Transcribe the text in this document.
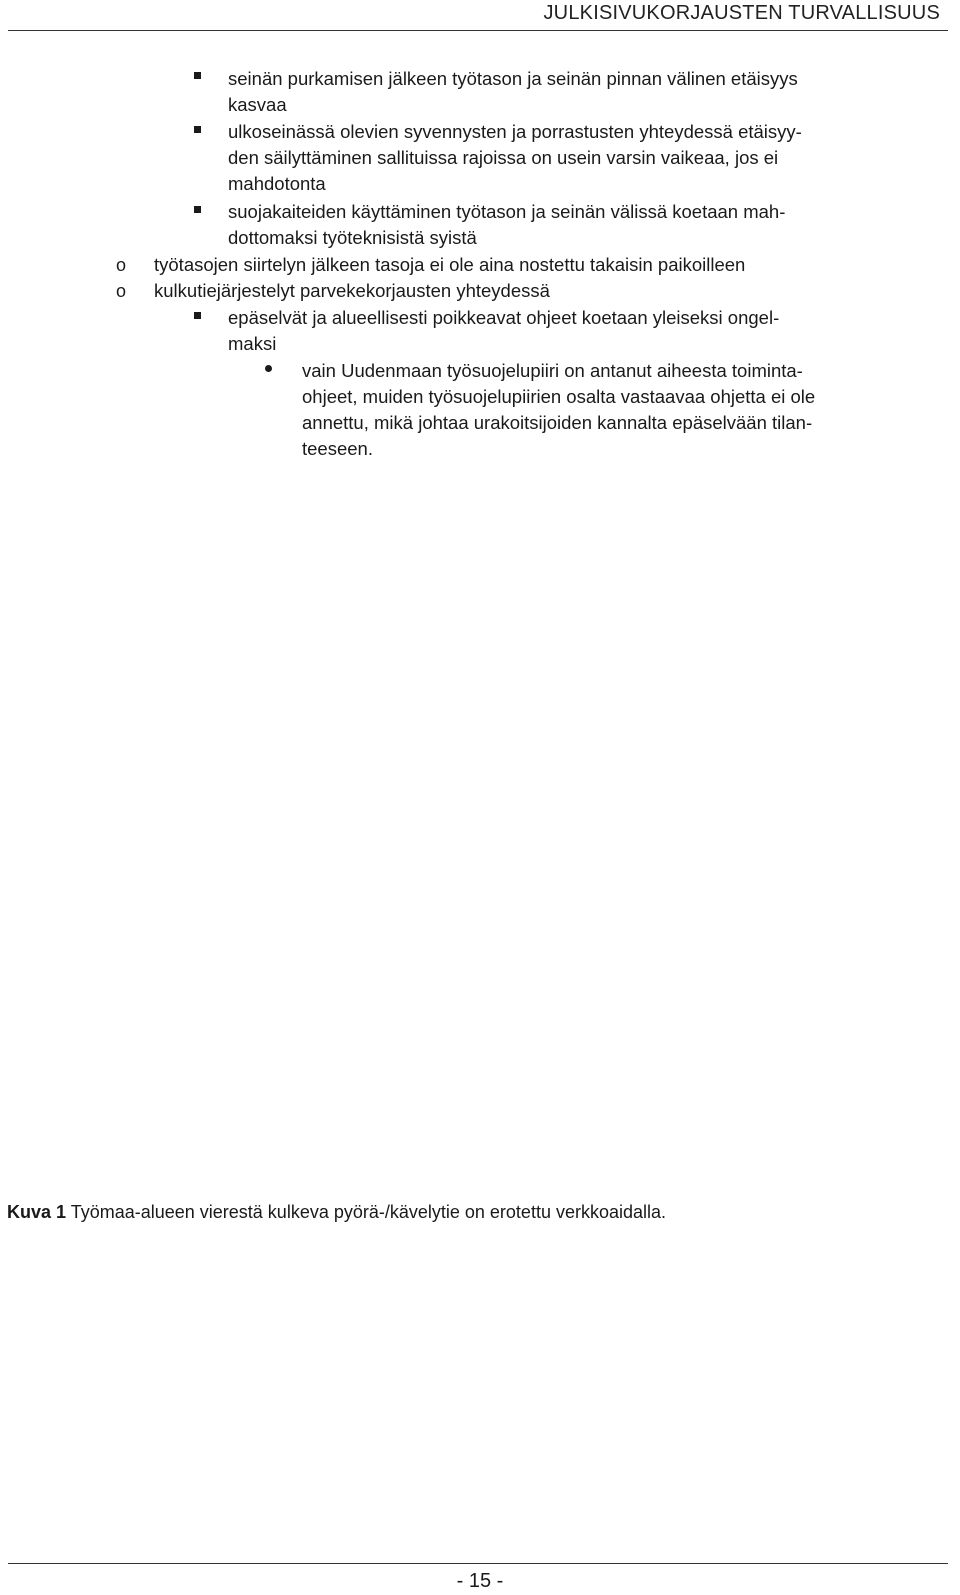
JULKISIVUKORJAUSTEN TURVALLISUUS
seinän purkamisen jälkeen työtason ja seinän pinnan välinen etäisyys
kasvaa
ulkoseinässä olevien syvennysten ja porrastusten yhteydessä etäisyy-
den säilyttäminen sallituissa rajoissa on usein varsin vaikeaa, jos ei
mahdotonta
suojakaiteiden käyttäminen työtason ja seinän välissä koetaan mah-
dottomaksi työteknisistä syistä
o työtasojen siirtelyn jälkeen tasoja ei ole aina nostettu takaisin paikoilleen
o kulkutiejärjestelyt parvekekorjausten yhteydessä
epäselvät ja alueellisesti poikkeavat ohjeet koetaan yleiseksi ongel-
maksi
vain Uudenmaan työsuojelupiiri on antanut aiheesta toiminta-
ohjeet, muiden työsuojelupiirien osalta vastaavaa ohjetta ei ole
annettu, mikä johtaa urakoitsijoiden kannalta epäselvään tilan-
teeseen.
Kuva 1 Työmaa-alueen vierestä kulkeva pyörä-/kävelytie on erotettu verkkoaidalla.
- 15 -
